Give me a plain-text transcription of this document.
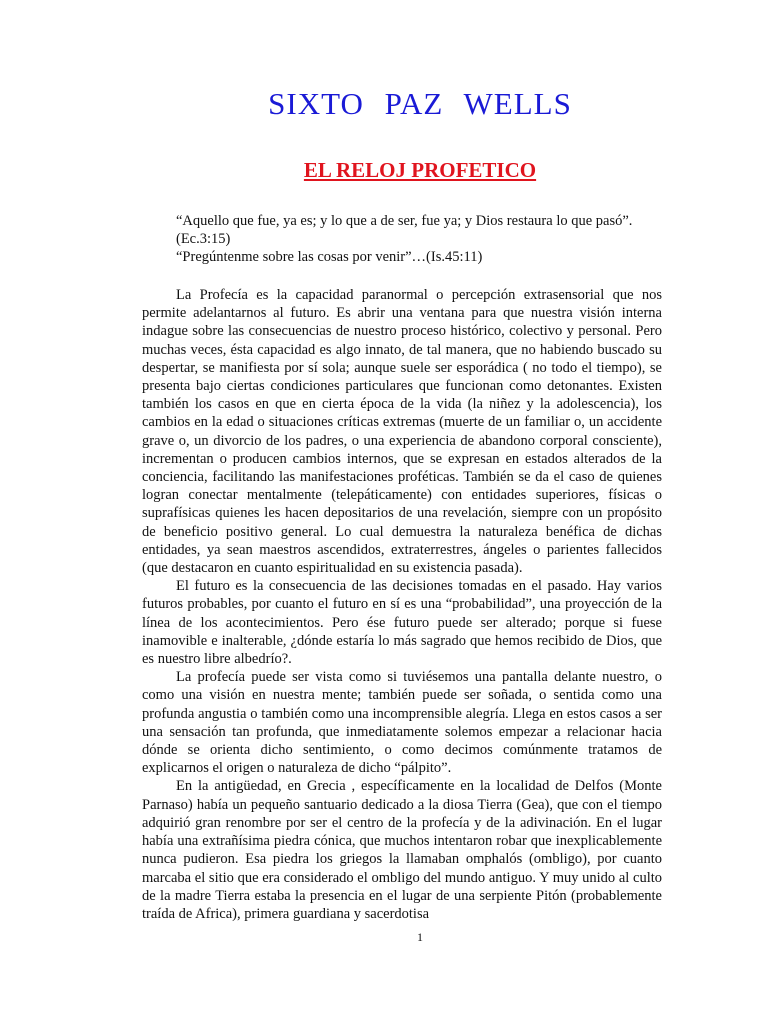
SIXTO PAZ WELLS
EL RELOJ PROFETICO

“Aquello que fue, ya es; y lo que a de ser, fue ya; y Dios restaura lo que pasó”. (Ec.3:15)

“Pregúntenme sobre las cosas por venir”…(Is.45:11)

La Profecía es la capacidad paranormal o percepción extrasensorial que nos permite adelantarnos al futuro. Es abrir una ventana para que nuestra visión interna indague sobre las consecuencias de nuestro proceso histórico, colectivo y personal. Pero muchas veces, ésta capacidad es algo innato, de tal manera, que no habiendo buscado su despertar, se manifiesta por sí sola; aunque suele ser esporádica ( no todo el tiempo), se presenta bajo ciertas condiciones particulares que funcionan como detonantes. Existen también los casos en que en cierta época de la vida (la niñez y la adolescencia), los cambios en la edad o situaciones críticas extremas (muerte de un familiar o, un accidente grave o, un divorcio de los padres, o una experiencia de abandono corporal consciente), incrementan o producen cambios internos, que se expresan en estados alterados de la conciencia, facilitando las manifestaciones proféticas. También se da el caso de quienes logran conectar mentalmente (telepáticamente) con entidades superiores, físicas o suprafísicas quienes les hacen depositarios de una revelación, siempre con un propósito de beneficio positivo general. Lo cual demuestra la naturaleza benéfica de dichas entidades, ya sean maestros ascendidos, extraterrestres, ángeles o parientes fallecidos (que destacaron en cuanto espiritualidad en su existencia pasada).

El futuro es la consecuencia de las decisiones tomadas en el pasado. Hay varios futuros probables, por cuanto el futuro en sí es una “probabilidad”, una proyección de la línea de los acontecimientos. Pero ése futuro puede ser alterado; porque si fuese inamovible e inalterable, ¿dónde estaría lo más sagrado que hemos recibido de Dios, que es nuestro libre albedrío?.

La profecía puede ser vista como si tuviésemos una pantalla delante nuestro, o como una visión en nuestra mente; también puede ser soñada, o sentida como una profunda angustia o también como una incomprensible alegría. Llega en estos casos a ser una sensación tan profunda, que inmediatamente solemos empezar a relacionar hacia dónde se orienta dicho sentimiento, o como decimos comúnmente tratamos de explicarnos el origen o naturaleza de dicho “pálpito”.

En la antigüedad, en Grecia , específicamente en la localidad de Delfos (Monte Parnaso) había un pequeño santuario dedicado a la diosa Tierra (Gea), que con el tiempo adquirió gran renombre por ser el centro de la profecía y de la adivinación. En el lugar había una extrañísima piedra cónica, que muchos intentaron robar que inexplicablemente nunca pudieron. Esa piedra los griegos la llamaban omphalós (ombligo), por cuanto marcaba el sitio que era considerado el ombligo del mundo antiguo. Y muy unido al culto de la madre Tierra estaba la presencia en el lugar de una serpiente Pitón (probablemente traída de Africa), primera guardiana y sacerdotisa

1
